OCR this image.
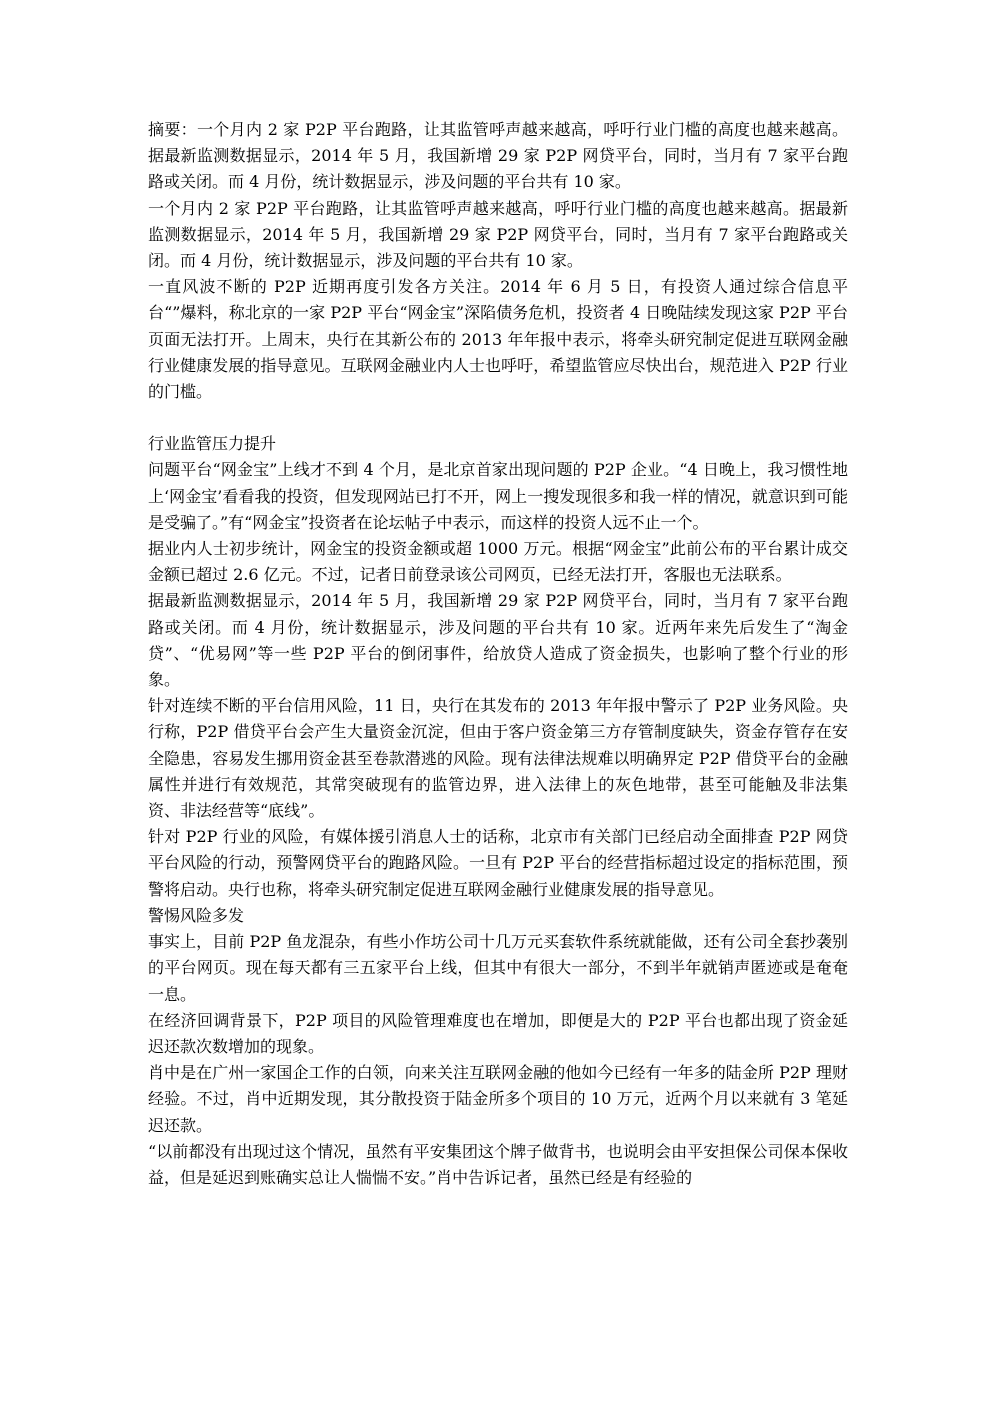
摘要：一个月内 2 家 P2P 平台跑路，让其监管呼声越来越高，呼吁行业门槛的高度也越来越高。据最新监测数据显示，2014 年 5 月，我国新增 29 家 P2P 网贷平台，同时，当月有 7 家平台跑路或关闭。而 4 月份，统计数据显示，涉及问题的平台共有 10 家。

一个月内 2 家 P2P 平台跑路，让其监管呼声越来越高，呼吁行业门槛的高度也越来越高。据最新监测数据显示，2014 年 5 月，我国新增 29 家 P2P 网贷平台，同时，当月有 7 家平台跑路或关闭。而 4 月份，统计数据显示，涉及问题的平台共有 10 家。

一直风波不断的 P2P 近期再度引发各方关注。2014 年 6 月 5 日，有投资人通过综合信息平台“”爆料，称北京的一家 P2P 平台“网金宝”深陷债务危机，投资者 4 日晚陆续发现这家 P2P 平台页面无法打开。上周末，央行在其新公布的 2013 年年报中表示，将牵头研究制定促进互联网金融行业健康发展的指导意见。互联网金融业内人士也呼吁，希望监管应尽快出台，规范进入 P2P 行业的门槛。

行业监管压力提升

问题平台“网金宝”上线才不到 4 个月，是北京首家出现问题的 P2P 企业。“4 日晚上，我习惯性地上‘网金宝’看看我的投资，但发现网站已打不开，网上一搜发现很多和我一样的情况，就意识到可能是受骗了。”有“网金宝”投资者在论坛帖子中表示，而这样的投资人远不止一个。

据业内人士初步统计，网金宝的投资金额或超 1000 万元。根据“网金宝”此前公布的平台累计成交金额已超过 2.6 亿元。不过，记者日前登录该公司网页，已经无法打开，客服也无法联系。

据最新监测数据显示，2014 年 5 月，我国新增 29 家 P2P 网贷平台，同时，当月有 7 家平台跑路或关闭。而 4 月份，统计数据显示，涉及问题的平台共有 10 家。近两年来先后发生了“淘金贷”、“优易网”等一些 P2P 平台的倒闭事件，给放贷人造成了资金损失，也影响了整个行业的形象。

针对连续不断的平台信用风险，11 日，央行在其发布的 2013 年年报中警示了 P2P 业务风险。央行称，P2P 借贷平台会产生大量资金沉淀，但由于客户资金第三方存管制度缺失，资金存管存在安全隐患，容易发生挪用资金甚至卷款潜逃的风险。现有法律法规难以明确界定 P2P 借贷平台的金融属性并进行有效规范，其常突破现有的监管边界，进入法律上的灰色地带，甚至可能触及非法集资、非法经营等“底线”。

针对 P2P 行业的风险，有媒体援引消息人士的话称，北京市有关部门已经启动全面排查 P2P 网贷平台风险的行动，预警网贷平台的跑路风险。一旦有 P2P 平台的经营指标超过设定的指标范围，预警将启动。央行也称，将牵头研究制定促进互联网金融行业健康发展的指导意见。

警惕风险多发

事实上，目前 P2P 鱼龙混杂，有些小作坊公司十几万元买套软件系统就能做，还有公司全套抄袭别的平台网页。现在每天都有三五家平台上线，但其中有很大一部分，不到半年就销声匿迹或是奄奄一息。

在经济回调背景下，P2P 项目的风险管理难度也在增加，即便是大的 P2P 平台也都出现了资金延迟还款次数增加的现象。

肖中是在广州一家国企工作的白领，向来关注互联网金融的他如今已经有一年多的陆金所 P2P 理财经验。不过，肖中近期发现，其分散投资于陆金所多个项目的 10 万元，近两个月以来就有 3 笔延迟还款。

“以前都没有出现过这个情况，虽然有平安集团这个牌子做背书，也说明会由平安担保公司保本保收益，但是延迟到账确实总让人惴惴不安。”肖中告诉记者，虽然已经是有经验的
